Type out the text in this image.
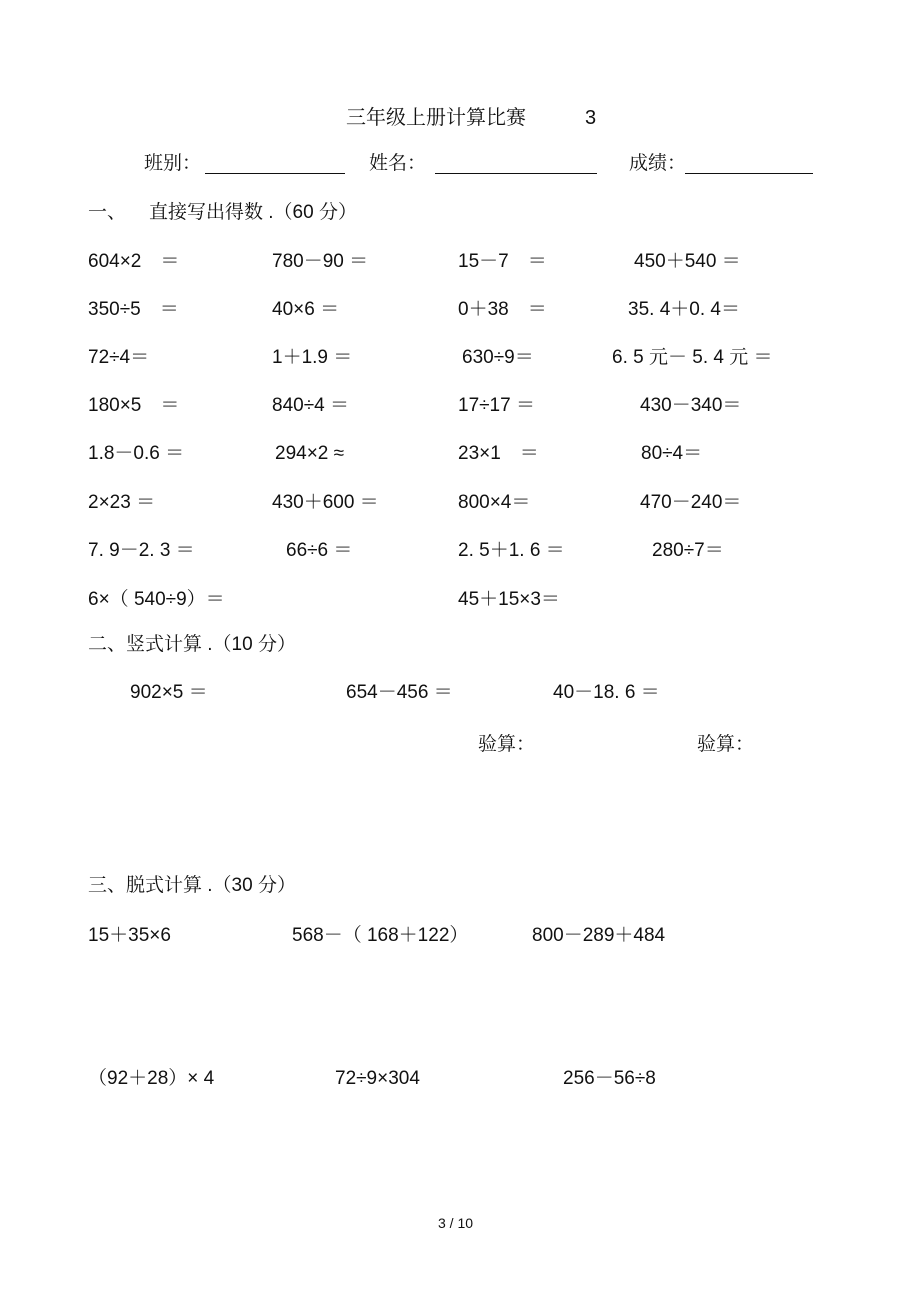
三年级上册计算比赛	3
班别：	姓名：	成绩：
一、 直接写出得数 .（60 分）
604×2　＝	780－90 ＝	15－7　＝	450＋540 ＝
350÷5　＝	40×6 ＝	0＋38　＝	35. 4＋0. 4＝
72÷4＝	1＋1.9 ＝	630÷9＝	6. 5 元－ 5. 4 元 ＝
180×5　＝	840÷4 ＝	17÷17 ＝	430－340＝
1.8－0.6 ＝	294×2 ≈	23×1　＝	80÷4＝
2×23 ＝	430＋600 ＝	800×4＝	470－240＝
7. 9－2. 3 ＝	66÷6 ＝	2. 5＋1. 6 ＝	280÷7＝
6×（ 540÷9）＝	45＋15×3＝
二、竖式计算 .（10 分）
902×5 ＝	654－456 ＝	40－18. 6 ＝
验算：	验算：
三、脱式计算 .（30 分）
15＋35×6	568－（ 168＋122）	800－289＋484
（92＋28）× 4	72÷9×304	256－56÷8
3 / 10
